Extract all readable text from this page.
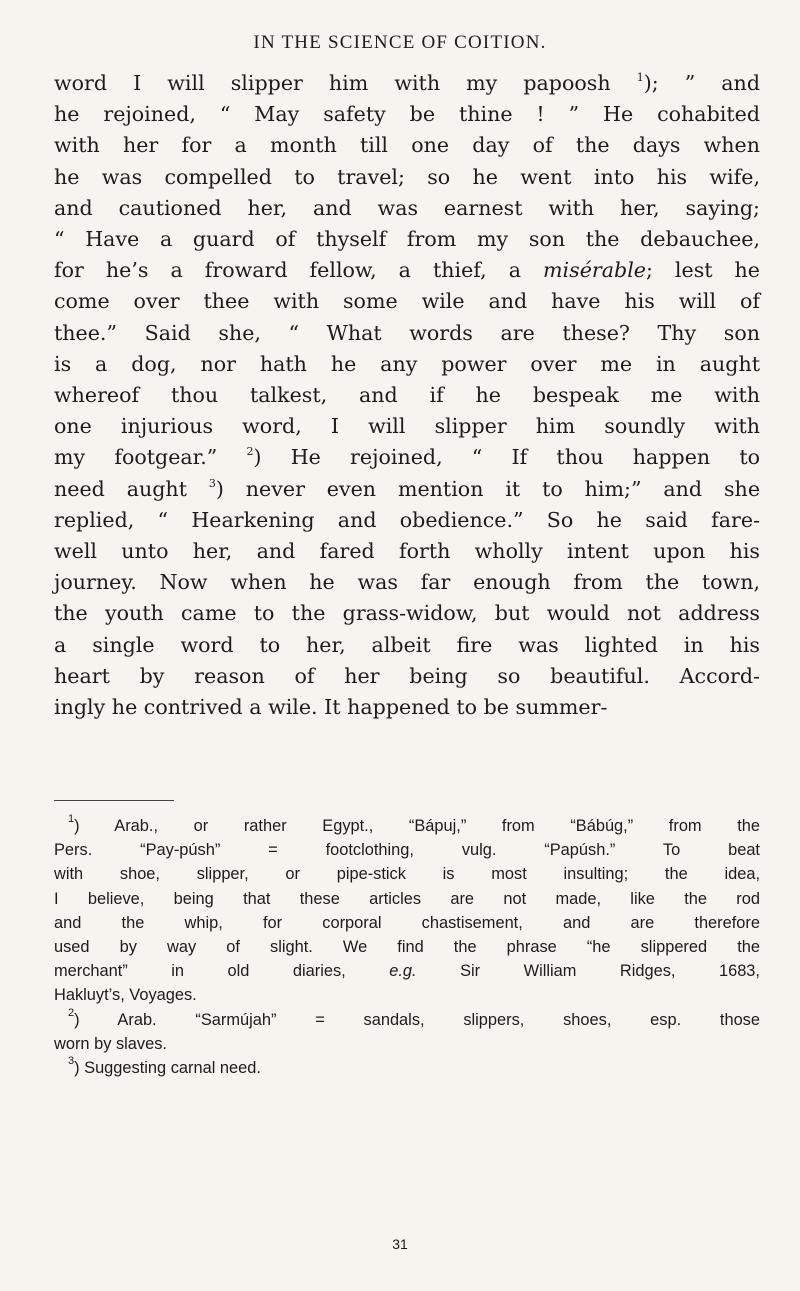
IN THE SCIENCE OF COITION.
word I will slipper him with my papoosh $^1$); ” and
he rejoined, “ May safety be thine ! ” He cohabited
with her for a month till one day of the days when
he was compelled to travel; so he went into his wife,
and cautioned her, and was earnest with her, saying;
“ Have a guard of thyself from my son the debauchee,
for he’s a froward fellow, a thief, a misérable; lest he
come over thee with some wile and have his will of
thee.” Said she, “ What words are these? Thy son
is a dog, nor hath he any power over me in aught
whereof thou talkest, and if he bespeak me with
one injurious word, I will slipper him soundly with
my footgear.”	$^2$) He rejoined, “ If thou happen to
need aught $^3$) never even mention it to him;” and she
replied, “ Hearkening and obedience.” So he said fare-
well unto her, and fared forth wholly intent upon his
journey. Now when he was far enough from the town,
the youth came to the grass-widow, but would not address
a single word to her, albeit fire was lighted in his
heart by reason of her being so beautiful. Accord-
ingly he contrived a wile. It happened to be summer-
$^1$) Arab., or rather Egypt., “Bápuj,” from “Bábúg,” from the
Pers. “Pay-púsh” = footclothing, vulg. “Papúsh.” To beat
with shoe, slipper, or pipe-stick is most insulting; the idea,
I believe, being that these articles are not made, like the rod
and the whip, for corporal chastisement, and are therefore
used by way of slight. We find the phrase “he slippered the
merchant” in old diaries,	e.g. Sir William Ridges, 1683,
Hakluyt’s, Voyages.
$^2$) Arab. “Sarmújah” = sandals, slippers, shoes, esp. those
worn by slaves.
$^3$) Suggesting carnal need.
31
